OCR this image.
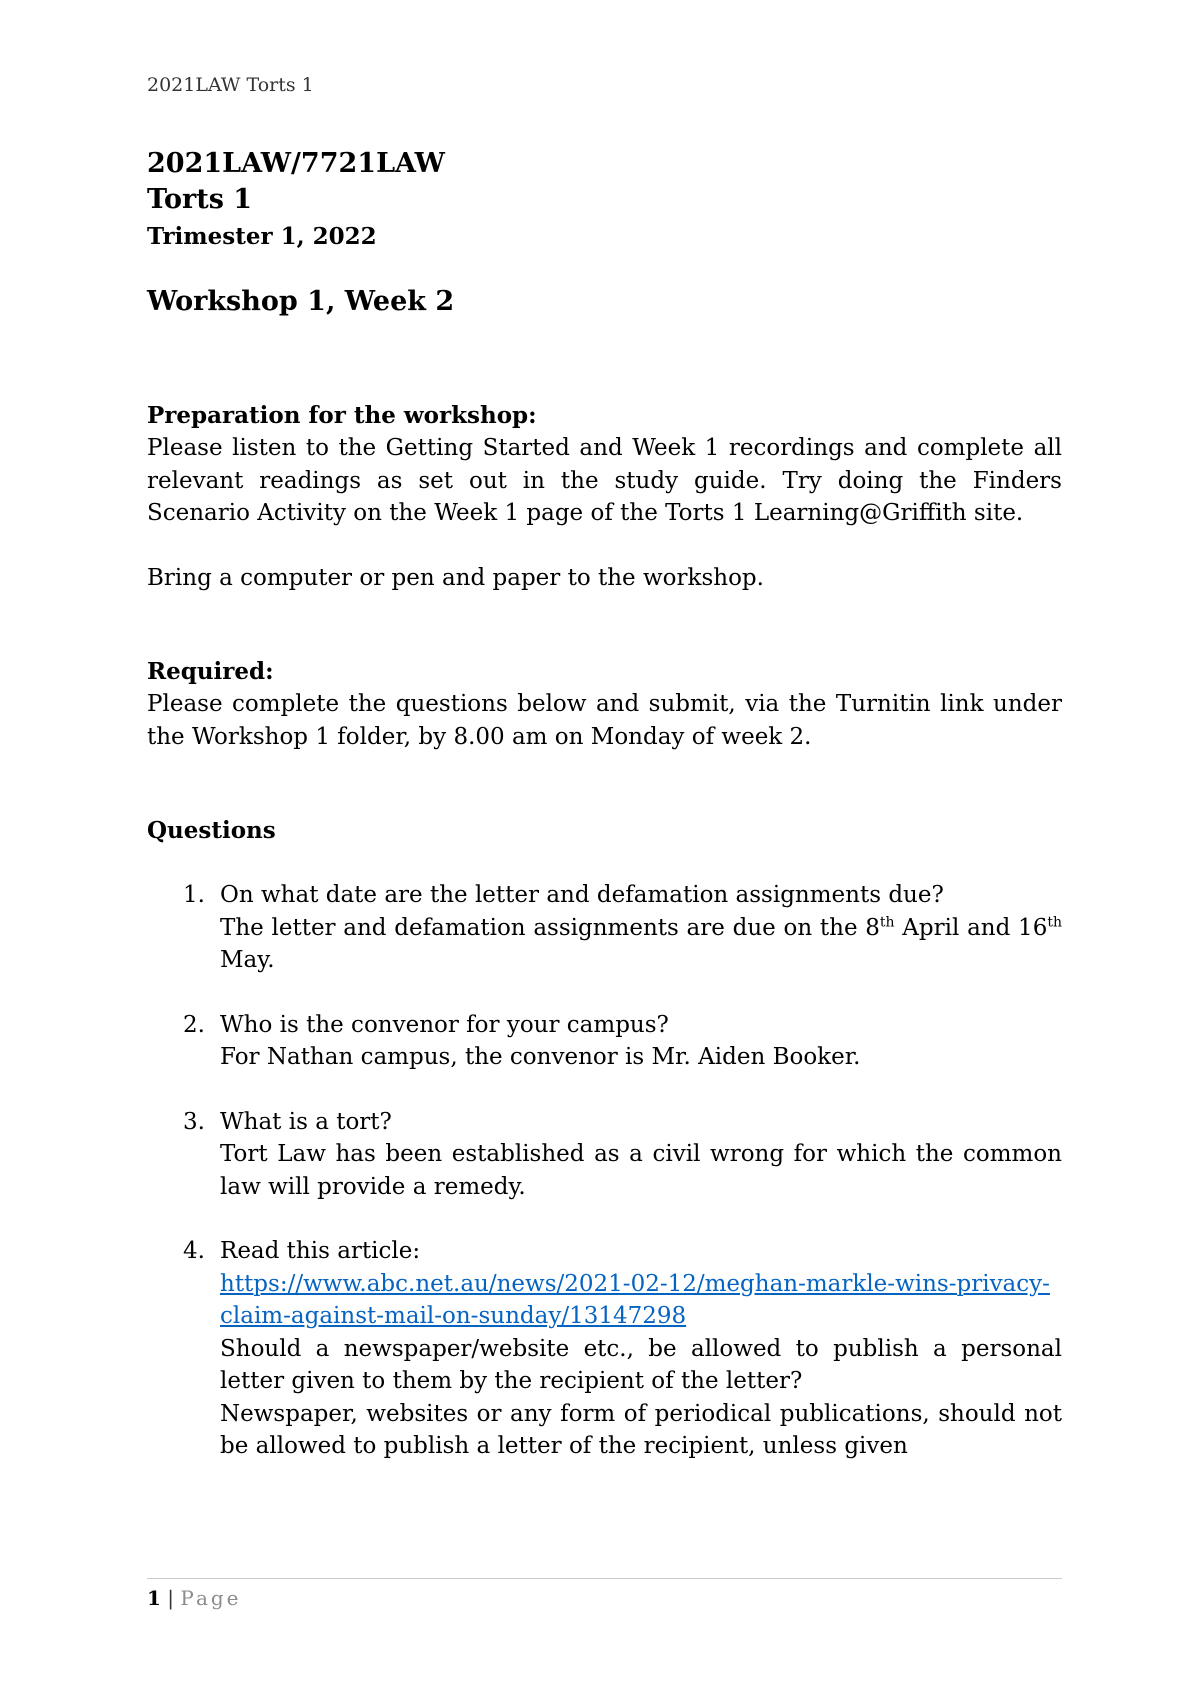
2021LAW Torts 1
2021LAW/7721LAW
Torts 1
Trimester 1, 2022
Workshop 1, Week 2
Preparation for the workshop:
Please listen to the Getting Started and Week 1 recordings and complete all relevant readings as set out in the study guide. Try doing the Finders Scenario Activity on the Week 1 page of the Torts 1 Learning@Griffith site.
Bring a computer or pen and paper to the workshop.
Required:
Please complete the questions below and submit, via the Turnitin link under the Workshop 1 folder, by 8.00 am on Monday of week 2.
Questions
1. On what date are the letter and defamation assignments due?
The letter and defamation assignments are due on the 8th April and 16th May.
2. Who is the convenor for your campus?
For Nathan campus, the convenor is Mr. Aiden Booker.
3. What is a tort?
Tort Law has been established as a civil wrong for which the common law will provide a remedy.
4. Read this article:
https://www.abc.net.au/news/2021-02-12/meghan-markle-wins-privacy-claim-against-mail-on-sunday/13147298
Should a newspaper/website etc., be allowed to publish a personal letter given to them by the recipient of the letter?
Newspaper, websites or any form of periodical publications, should not be allowed to publish a letter of the recipient, unless given
1 | Page
